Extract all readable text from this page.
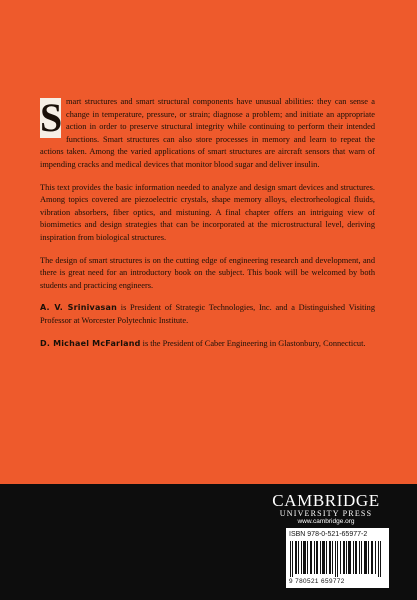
S mart structures and smart structural components have unusual abilities: they can sense a change in temperature, pressure, or strain; diagnose a problem; and initiate an appropriate action in order to preserve structural integrity while continuing to perform their intended functions. Smart structures can also store processes in memory and learn to repeat the actions taken. Among the varied applications of smart structures are aircraft sensors that warn of impending cracks and medical devices that monitor blood sugar and deliver insulin.

This text provides the basic information needed to analyze and design smart devices and structures. Among topics covered are piezoelectric crystals, shape memory alloys, electrorheological fluids, vibration absorbers, fiber optics, and mistuning. A final chapter offers an intriguing view of biomimetics and design strategies that can be incorporated at the microstructural level, deriving inspiration from biological structures.

The design of smart structures is on the cutting edge of engineering research and development, and there is great need for an introductory book on the subject. This book will be welcomed by both students and practicing engineers.

A. V. Srinivasan is President of Strategic Technologies, Inc. and a Distinguished Visiting Professor at Worcester Polytechnic Institute.

D. Michael McFarland is the President of Caber Engineering in Glastonbury, Connecticut.

CAMBRIDGE
UNIVERSITY PRESS
www.cambridge.org
ISBN 978-0-521-65977-2
9 780521 659772
